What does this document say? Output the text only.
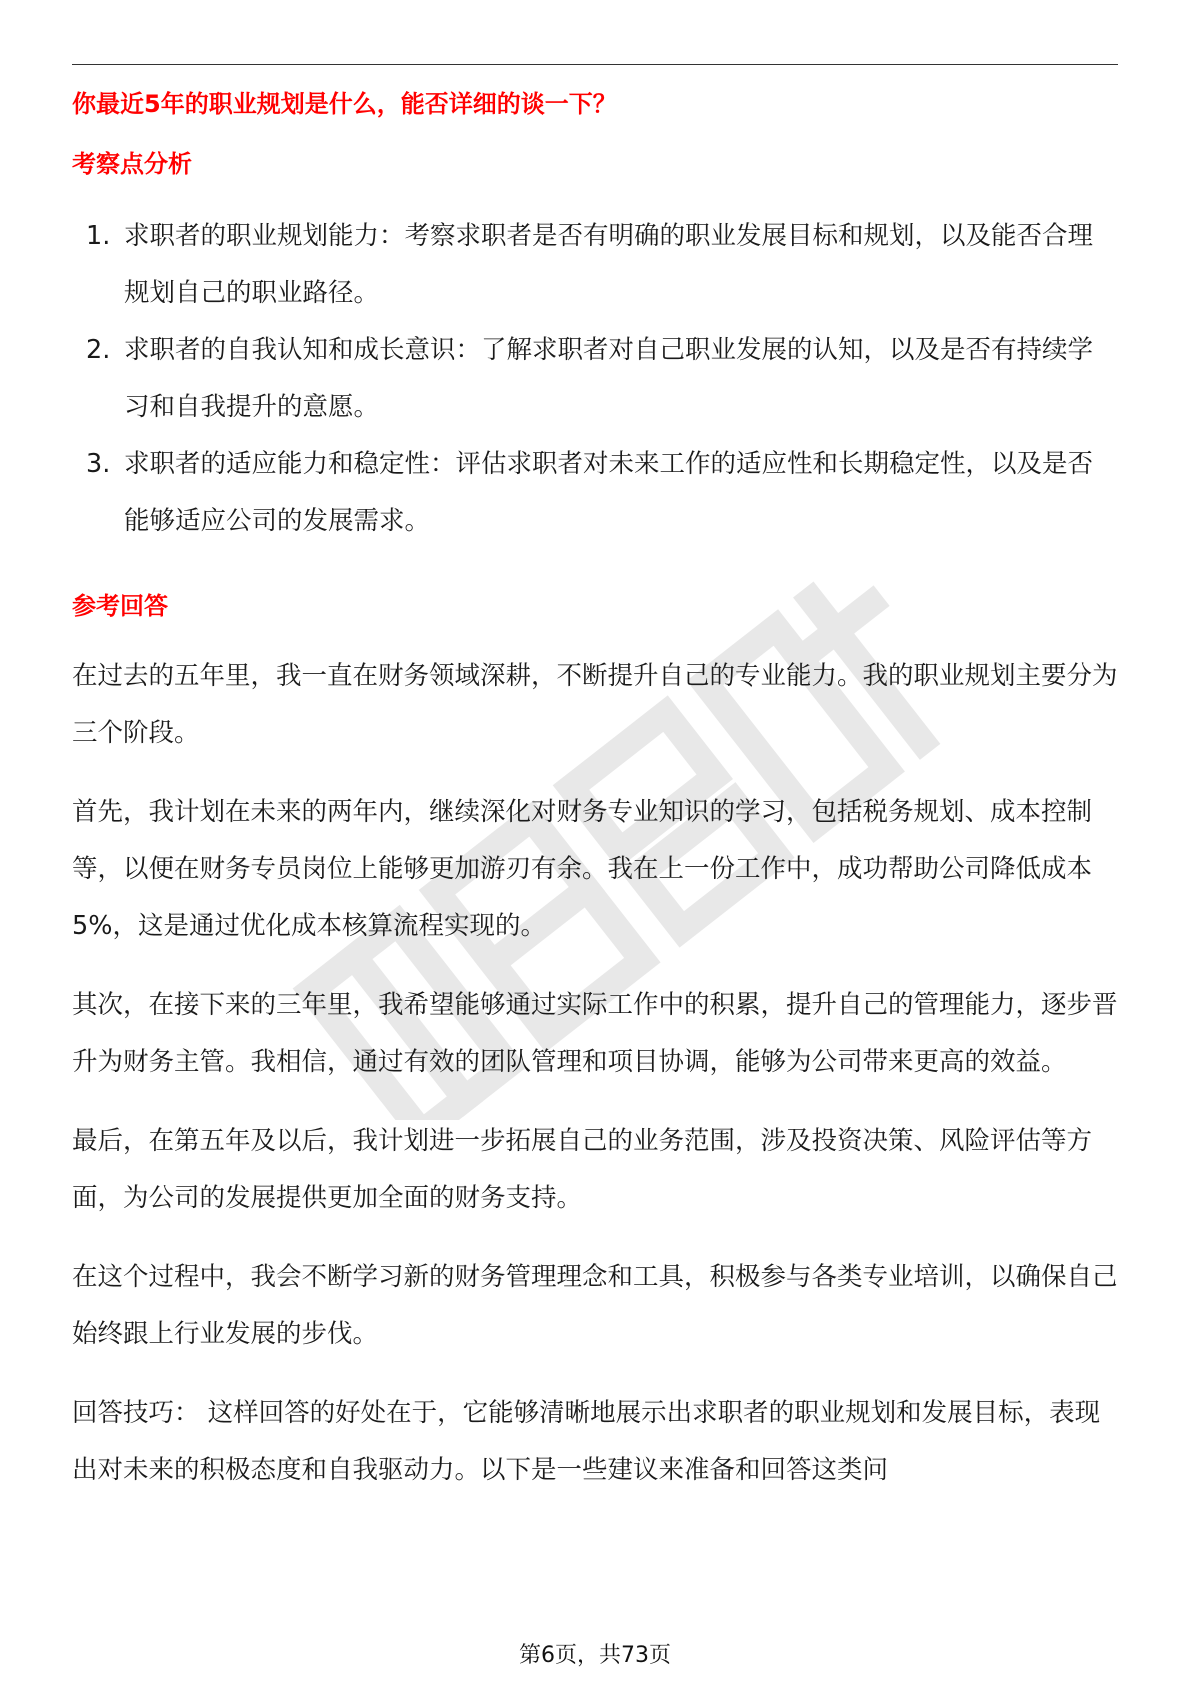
你最近5年的职业规划是什么，能否详细的谈一下？

考察点分析

1. 求职者的职业规划能力：考察求职者是否有明确的职业发展目标和规划，以及能否合理规划自己的职业路径。
2. 求职者的自我认知和成长意识：了解求职者对自己职业发展的认知，以及是否有持续学习和自我提升的意愿。
3. 求职者的适应能力和稳定性：评估求职者对未来工作的适应性和长期稳定性，以及是否能够适应公司的发展需求。

参考回答

在过去的五年里，我一直在财务领域深耕，不断提升自己的专业能力。我的职业规划主要分为三个阶段。

首先，我计划在未来的两年内，继续深化对财务专业知识的学习，包括税务规划、成本控制等，以便在财务专员岗位上能够更加游刃有余。我在上一份工作中，成功帮助公司降低成本5%，这是通过优化成本核算流程实现的。

其次，在接下来的三年里，我希望能够通过实际工作中的积累，提升自己的管理能力，逐步晋升为财务主管。我相信，通过有效的团队管理和项目协调，能够为公司带来更高的效益。

最后，在第五年及以后，我计划进一步拓展自己的业务范围，涉及投资决策、风险评估等方面，为公司的发展提供更加全面的财务支持。

在这个过程中，我会不断学习新的财务管理理念和工具，积极参与各类专业培训，以确保自己始终跟上行业发展的步伐。

回答技巧： 这样回答的好处在于，它能够清晰地展示出求职者的职业规划和发展目标，表现出对未来的积极态度和自我驱动力。以下是一些建议来准备和回答这类问

第6页，共73页
